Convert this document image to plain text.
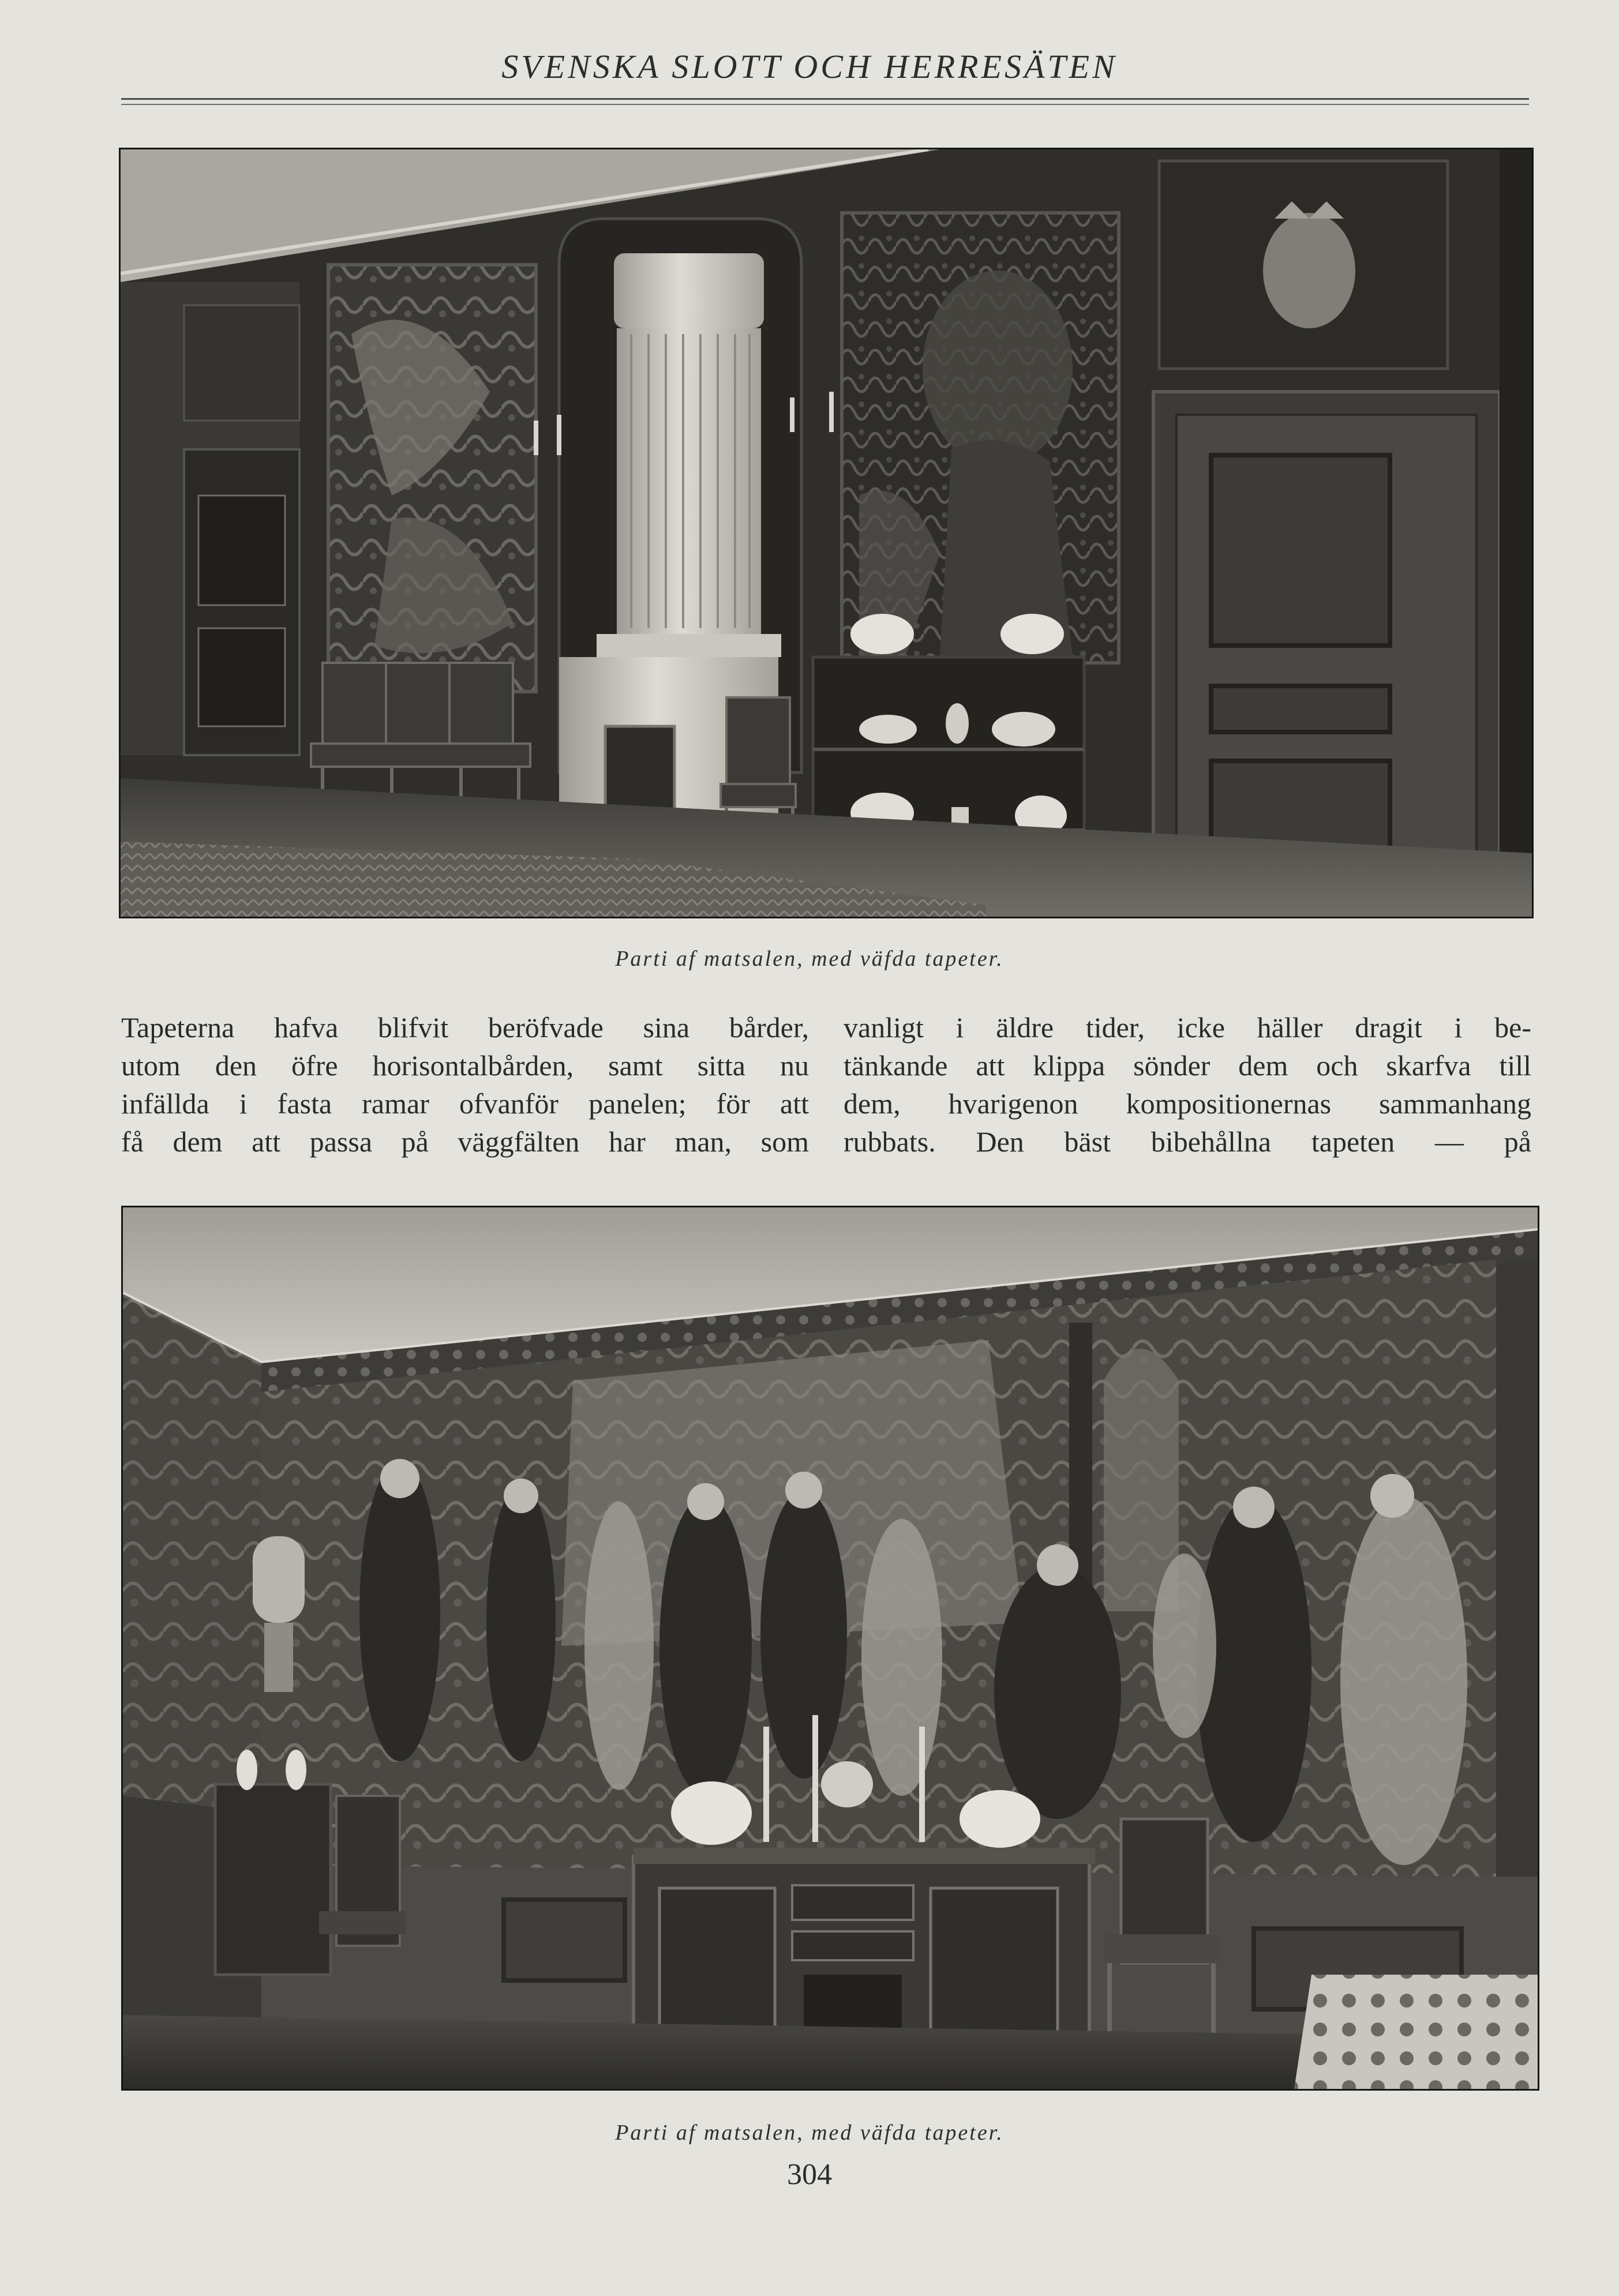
SVENSKA SLOTT OCH HERRESÄTEN
Parti af matsalen, med väfda tapeter.
Tapeterna hafva blifvit beröfvade sina bårder,
utom den öfre horisontalbården, samt sitta nu
infällda i fasta ramar ofvanför panelen; för att
få dem att passa på väggfälten har man, som
vanligt i äldre tider, icke häller dragit i be-
tänkande att klippa sönder dem och skarfva till
dem, hvarigenon kompositionernas sammanhang
rubbats. Den bäst bibehållna tapeten — på
Parti af matsalen, med väfda tapeter.
304
